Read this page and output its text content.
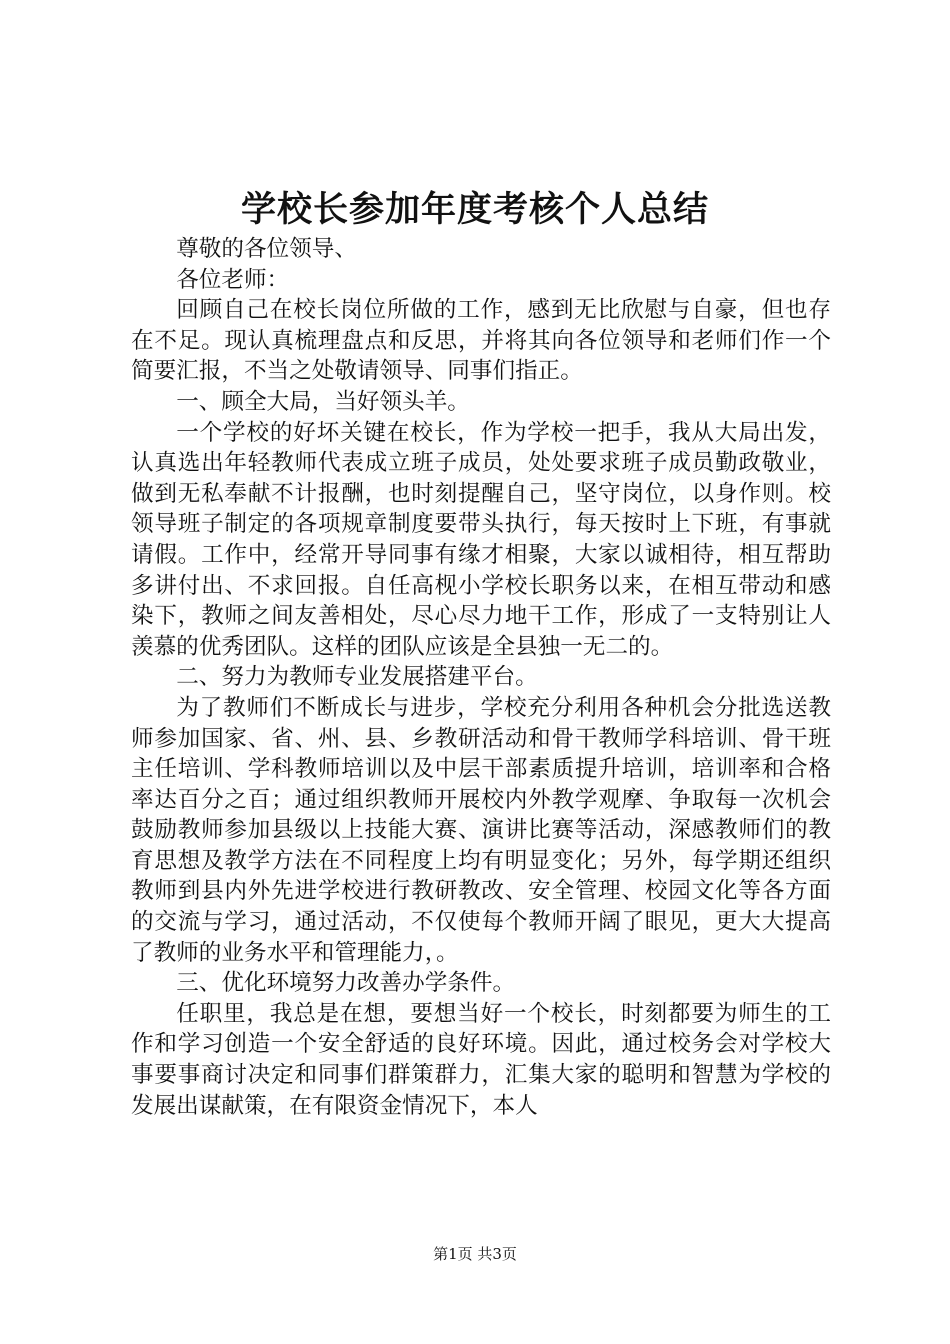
学校长参加年度考核个人总结

尊敬的各位领导、

各位老师：

回顾自己在校长岗位所做的工作，感到无比欣慰与自豪，但也存在不足。现认真梳理盘点和反思，并将其向各位领导和老师们作一个简要汇报，不当之处敬请领导、同事们指正。

一、顾全大局，当好领头羊。

一个学校的好坏关键在校长，作为学校一把手，我从大局出发，认真选出年轻教师代表成立班子成员，处处要求班子成员勤政敬业，做到无私奉献不计报酬，也时刻提醒自己，坚守岗位，以身作则。校领导班子制定的各项规章制度要带头执行，每天按时上下班，有事就请假。工作中，经常开导同事有缘才相聚，大家以诚相待，相互帮助多讲付出、不求回报。自任高枧小学校长职务以来，在相互带动和感染下，教师之间友善相处，尽心尽力地干工作，形成了一支特别让人羡慕的优秀团队。这样的团队应该是全县独一无二的。

二、努力为教师专业发展搭建平台。

为了教师们不断成长与进步，学校充分利用各种机会分批选送教师参加国家、省、州、县、乡教研活动和骨干教师学科培训、骨干班主任培训、学科教师培训以及中层干部素质提升培训，培训率和合格率达百分之百；通过组织教师开展校内外教学观摩、争取每一次机会鼓励教师参加县级以上技能大赛、演讲比赛等活动，深感教师们的教育思想及教学方法在不同程度上均有明显变化；另外，每学期还组织教师到县内外先进学校进行教研教改、安全管理、校园文化等各方面的交流与学习，通过活动，不仅使每个教师开阔了眼见，更大大提高了教师的业务水平和管理能力，。

三、优化环境努力改善办学条件。

任职里，我总是在想，要想当好一个校长，时刻都要为师生的工作和学习创造一个安全舒适的良好环境。因此，通过校务会对学校大事要事商讨决定和同事们群策群力，汇集大家的聪明和智慧为学校的发展出谋献策，在有限资金情况下，本人

第1页 共3页
